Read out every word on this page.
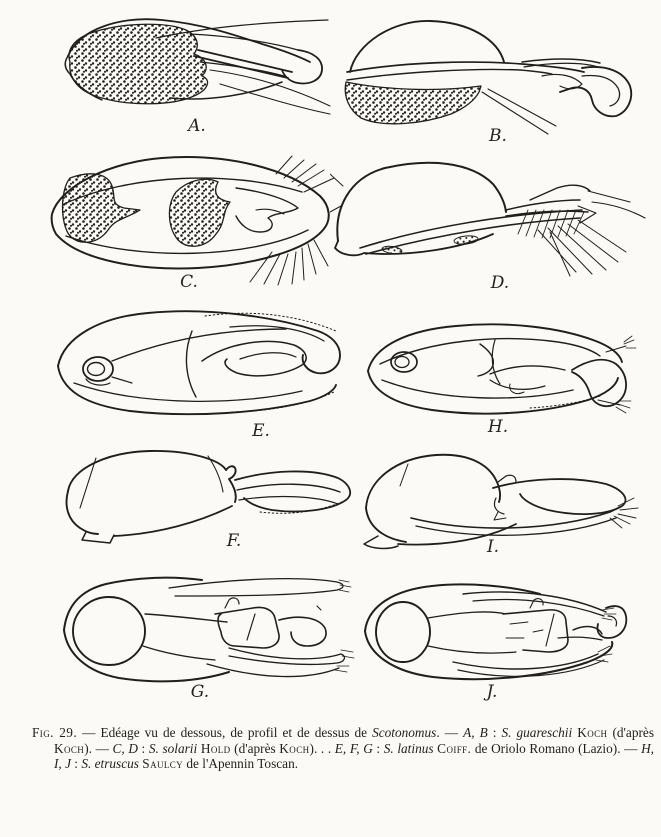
A.	B.
C.	D.
E.	H.
F.	I.
G.	J.

Fig. 29. — Edéage vu de dessous, de profil et de dessus de Scotonomus. — A, B : S. guareschii Koch (d'après Koch). — C, D : S. solarii Hold (d'après Koch). . . E, F, G : S. latinus Coiff. de Oriolo Romano (Lazio). — H, I, J : S. etruscus Saulcy de l'Apennin Toscan.
